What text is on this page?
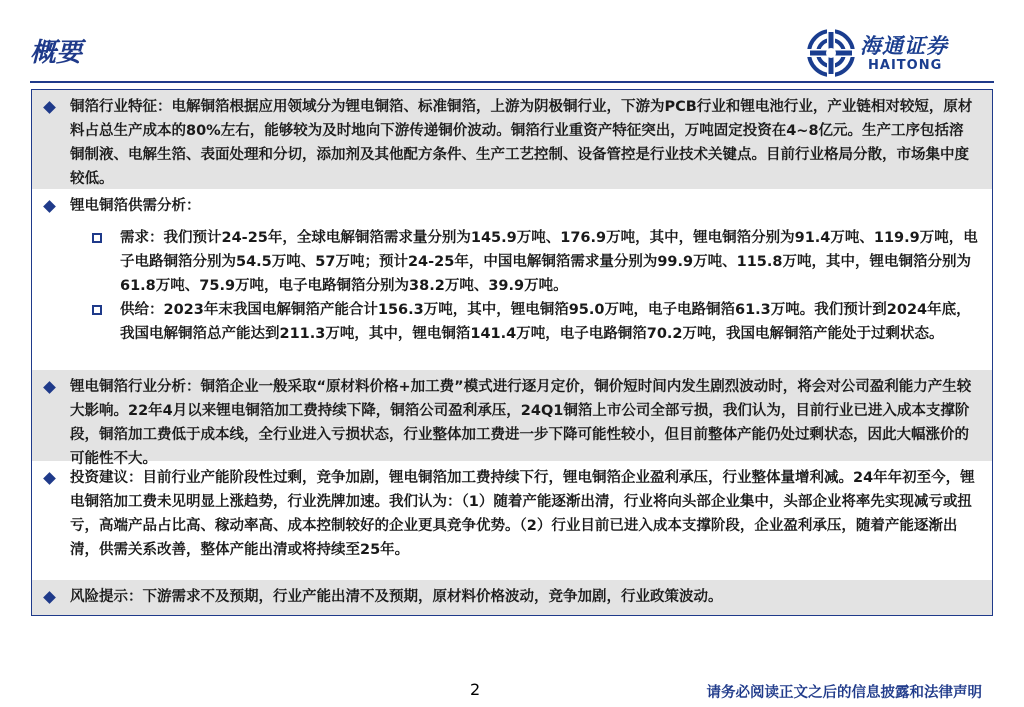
概要	海通证券
HAITONG
铜箔行业特征：电解铜箔根据应用领域分为锂电铜箔、标准铜箔，上游为阴极铜行业，下游为PCB行业和锂电池行业，产业链相对较短，原材料占总生产成本的80%左右，能够较为及时地向下游传递铜价波动。铜箔行业重资产特征突出，万吨固定投资在4~8亿元。生产工序包括溶铜制液、电解生箔、表面处理和分切，添加剂及其他配方条件、生产工艺控制、设备管控是行业技术关键点。目前行业格局分散，市场集中度较低。
锂电铜箔供需分析：
需求：我们预计24-25年，全球电解铜箔需求量分别为145.9万吨、176.9万吨，其中，锂电铜箔分别为91.4万吨、119.9万吨，电子电路铜箔分别为54.5万吨、57万吨；预计24-25年，中国电解铜箔需求量分别为99.9万吨、115.8万吨，其中，锂电铜箔分别为61.8万吨、75.9万吨，电子电路铜箔分别为38.2万吨、39.9万吨。
供给：2023年末我国电解铜箔产能合计156.3万吨，其中，锂电铜箔95.0万吨，电子电路铜箔61.3万吨。我们预计到2024年底，我国电解铜箔总产能达到211.3万吨，其中，锂电铜箔141.4万吨，电子电路铜箔70.2万吨，我国电解铜箔产能处于过剩状态。
锂电铜箔行业分析：铜箔企业一般采取“原材料价格+加工费”模式进行逐月定价，铜价短时间内发生剧烈波动时，将会对公司盈利能力产生较大影响。22年4月以来锂电铜箔加工费持续下降，铜箔公司盈利承压，24Q1铜箔上市公司全部亏损，我们认为，目前行业已进入成本支撑阶段，铜箔加工费低于成本线，全行业进入亏损状态，行业整体加工费进一步下降可能性较小，但目前整体产能仍处过剩状态，因此大幅涨价的可能性不大。
投资建议：目前行业产能阶段性过剩，竞争加剧，锂电铜箔加工费持续下行，锂电铜箔企业盈利承压，行业整体量增利减。24年年初至今，锂电铜箔加工费未见明显上涨趋势，行业洗牌加速。我们认为：（1）随着产能逐渐出清，行业将向头部企业集中，头部企业将率先实现减亏或扭亏，高端产品占比高、稼动率高、成本控制较好的企业更具竞争优势。（2）行业目前已进入成本支撑阶段，企业盈利承压，随着产能逐渐出清，供需关系改善，整体产能出清或将持续至25年。
风险提示：下游需求不及预期，行业产能出清不及预期，原材料价格波动，竞争加剧，行业政策波动。
2	请务必阅读正文之后的信息披露和法律声明
